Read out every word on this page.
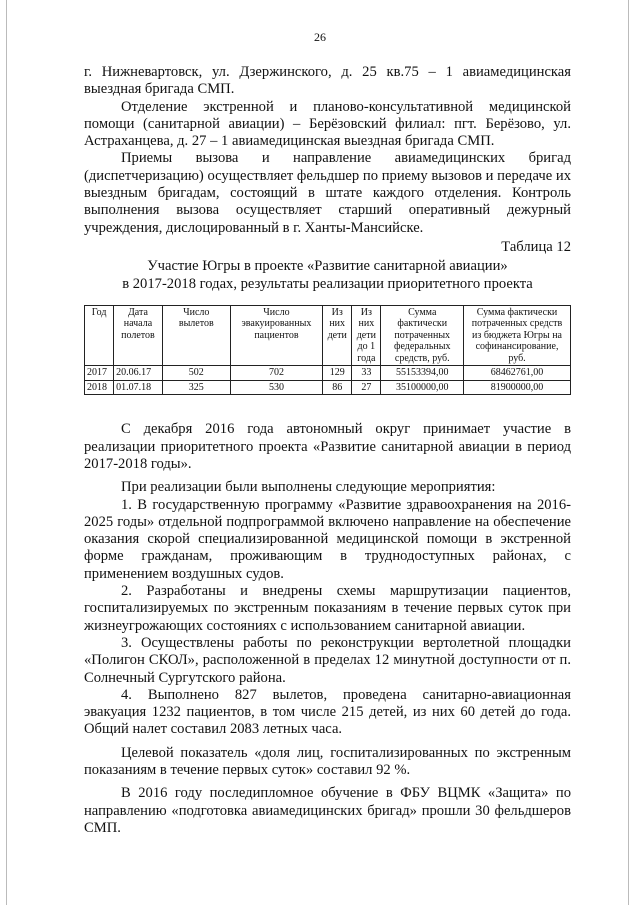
26

г. Нижневартовск, ул. Дзержинского, д. 25 кв.75 – 1 авиамедицинская выездная бригада СМП.

Отделение экстренной и планово-консультативной медицинской помощи (санитарной авиации) – Берёзовский филиал: пгт. Берёзово, ул. Астраханцева, д. 27 – 1 авиамедицинская выездная бригада СМП.

Приемы вызова и направление авиамедицинских бригад (диспетчеризацию) осуществляет фельдшер по приему вызовов и передаче их выездным бригадам, состоящий в штате каждого отделения. Контроль выполнения вызова осуществляет старший оперативный дежурный учреждения, дислоцированный в г. Ханты-Мансийске.

Таблица 12

Участие Югры в проекте «Развитие санитарной авиации»

в 2017-2018 годах, результаты реализации приоритетного проекта

Год	Дата начала полетов	Число вылетов	Число эвакуированных пациентов	Из них дети	Из них дети до 1 года	Сумма фактически потраченных федеральных средств, руб.	Сумма фактически потраченных средств из бюджета Югры на софинансирование, руб.
2017	20.06.17	502	702	129	33	55153394,00	68462761,00
2018	01.07.18	325	530	86	27	35100000,00	81900000,00

С декабря 2016 года автономный округ принимает участие в реализации приоритетного проекта «Развитие санитарной авиации в период 2017-2018 годы».

При реализации были выполнены следующие мероприятия:

1. В государственную программу «Развитие здравоохранения на 2016-2025 годы» отдельной подпрограммой включено направление на обеспечение оказания скорой специализированной медицинской помощи в экстренной форме гражданам, проживающим в труднодоступных районах, с применением воздушных судов.

2. Разработаны и внедрены схемы маршрутизации пациентов, госпитализируемых по экстренным показаниям в течение первых суток при жизнеугрожающих состояниях с использованием санитарной авиации.

3. Осуществлены работы по реконструкции вертолетной площадки «Полигон СКОЛ», расположенной в пределах 12 минутной доступности от п. Солнечный Сургутского района.

4. Выполнено 827 вылетов, проведена санитарно-авиационная эвакуация 1232 пациентов, в том числе 215 детей, из них 60 детей до года. Общий налет составил 2083 летных часа.

Целевой показатель «доля лиц, госпитализированных по экстренным показаниям в течение первых суток» составил 92 %.

В 2016 году последипломное обучение в ФБУ ВЦМК «Защита» по направлению «подготовка авиамедицинских бригад» прошли 30 фельдшеров СМП.
